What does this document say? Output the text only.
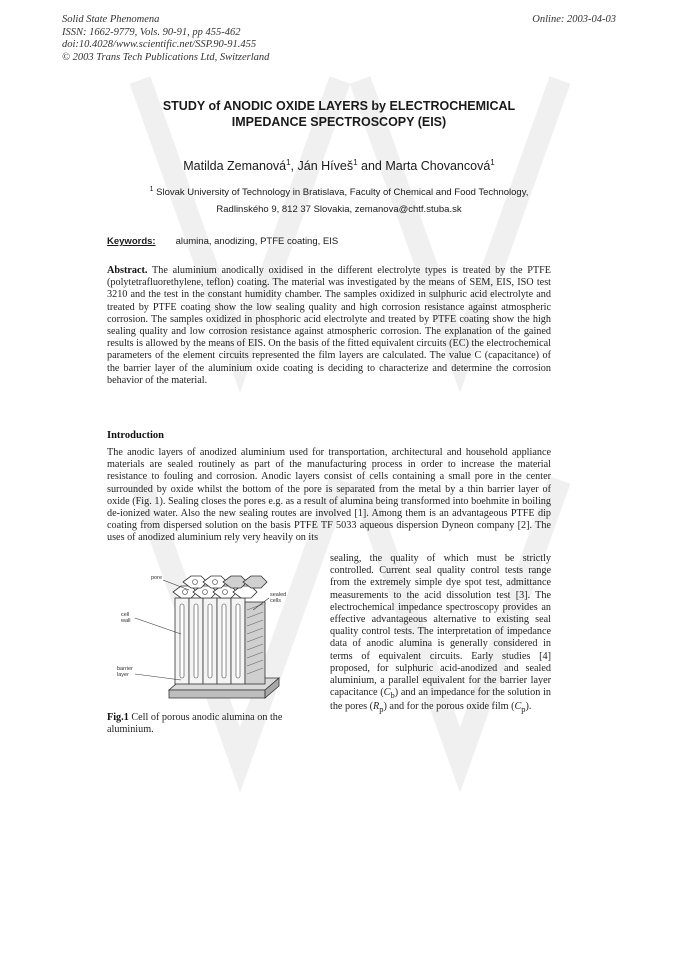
Solid State Phenomena
ISSN: 1662-9779, Vols. 90-91, pp 455-462
doi:10.4028/www.scientific.net/SSP.90-91.455
© 2003 Trans Tech Publications Ltd, Switzerland
Online: 2003-04-03
STUDY of ANODIC OXIDE LAYERS by ELECTROCHEMICAL
IMPEDANCE SPECTROSCOPY (EIS)
Matilda Zemanová$^1$, Ján Híveš$^1$ and Marta Chovancová$^1$
$^1$ Slovak University of Technology in Bratislava, Faculty of Chemical and Food Technology,
Radlinského 9, 812 37 Slovakia, zemanova@chtf.stuba.sk
Keywords: alumina, anodizing, PTFE coating, EIS
Abstract. The aluminium anodically oxidised in the different electrolyte types is treated by the PTFE (polytetrafluorethylene, teflon) coating. The material was investigated by the means of SEM, EIS, ISO test 3210 and the test in the constant humidity chamber. The samples oxidized in sulphuric acid electrolyte and treated by PTFE coating show the low sealing quality and high corrosion resistance against atmospheric corrosion. The samples oxidized in phosphoric acid electrolyte and treated by PTFE coating show the high sealing quality and low corrosion resistance against atmospheric corrosion. The explanation of the gained results is allowed by the means of EIS. On the basis of the fitted equivalent circuits (EC) the electrochemical parameters of the element circuits represented the film layers are calculated. The value C (capacitance) of the barrier layer of the aluminium oxide coating is deciding to characterize and determine the corrosion behavior of the material.
Introduction
The anodic layers of anodized aluminium used for transportation, architectural and household appliance materials are sealed routinely as part of the manufacturing process in order to increase the material resistance to fouling and corrosion. Anodic layers consist of cells containing a small pore in the center surrounded by oxide whilst the bottom of the pore is separated from the metal by a thin barrier layer of oxide (Fig. 1). Sealing closes the pores e.g. as a result of alumina being transformed into boehmite in boiling de-ionized water. Also the new sealing routes are involved [1]. Among them is an advantageous PTFE dip coating from dispersed solution on the basis PTFE TF 5033 aqueous dispersion Dyneon company [2]. The uses of anodized aluminium rely very heavily on its
pore
sealed
cells
cell
wall
barrier
layer
Fig.1 Cell of porous anodic alumina on the aluminium.
sealing, the quality of which must be strictly controlled. Current seal quality control tests range from the extremely simple dye spot test, admittance measurements to the acid dissolution test [3]. The electrochemical impedance spectroscopy provides an effective advantageous alternative to existing seal quality control tests. The interpretation of impedance data of anodic alumina is generally considered in terms of equivalent circuits. Early studies [4] proposed, for sulphuric acid-anodized and sealed aluminium, a parallel equivalent for the barrier layer capacitance $(C_b)$ and an impedance for the solution in the pores $(R_p)$ and for the porous oxide film $(C_p)$.
